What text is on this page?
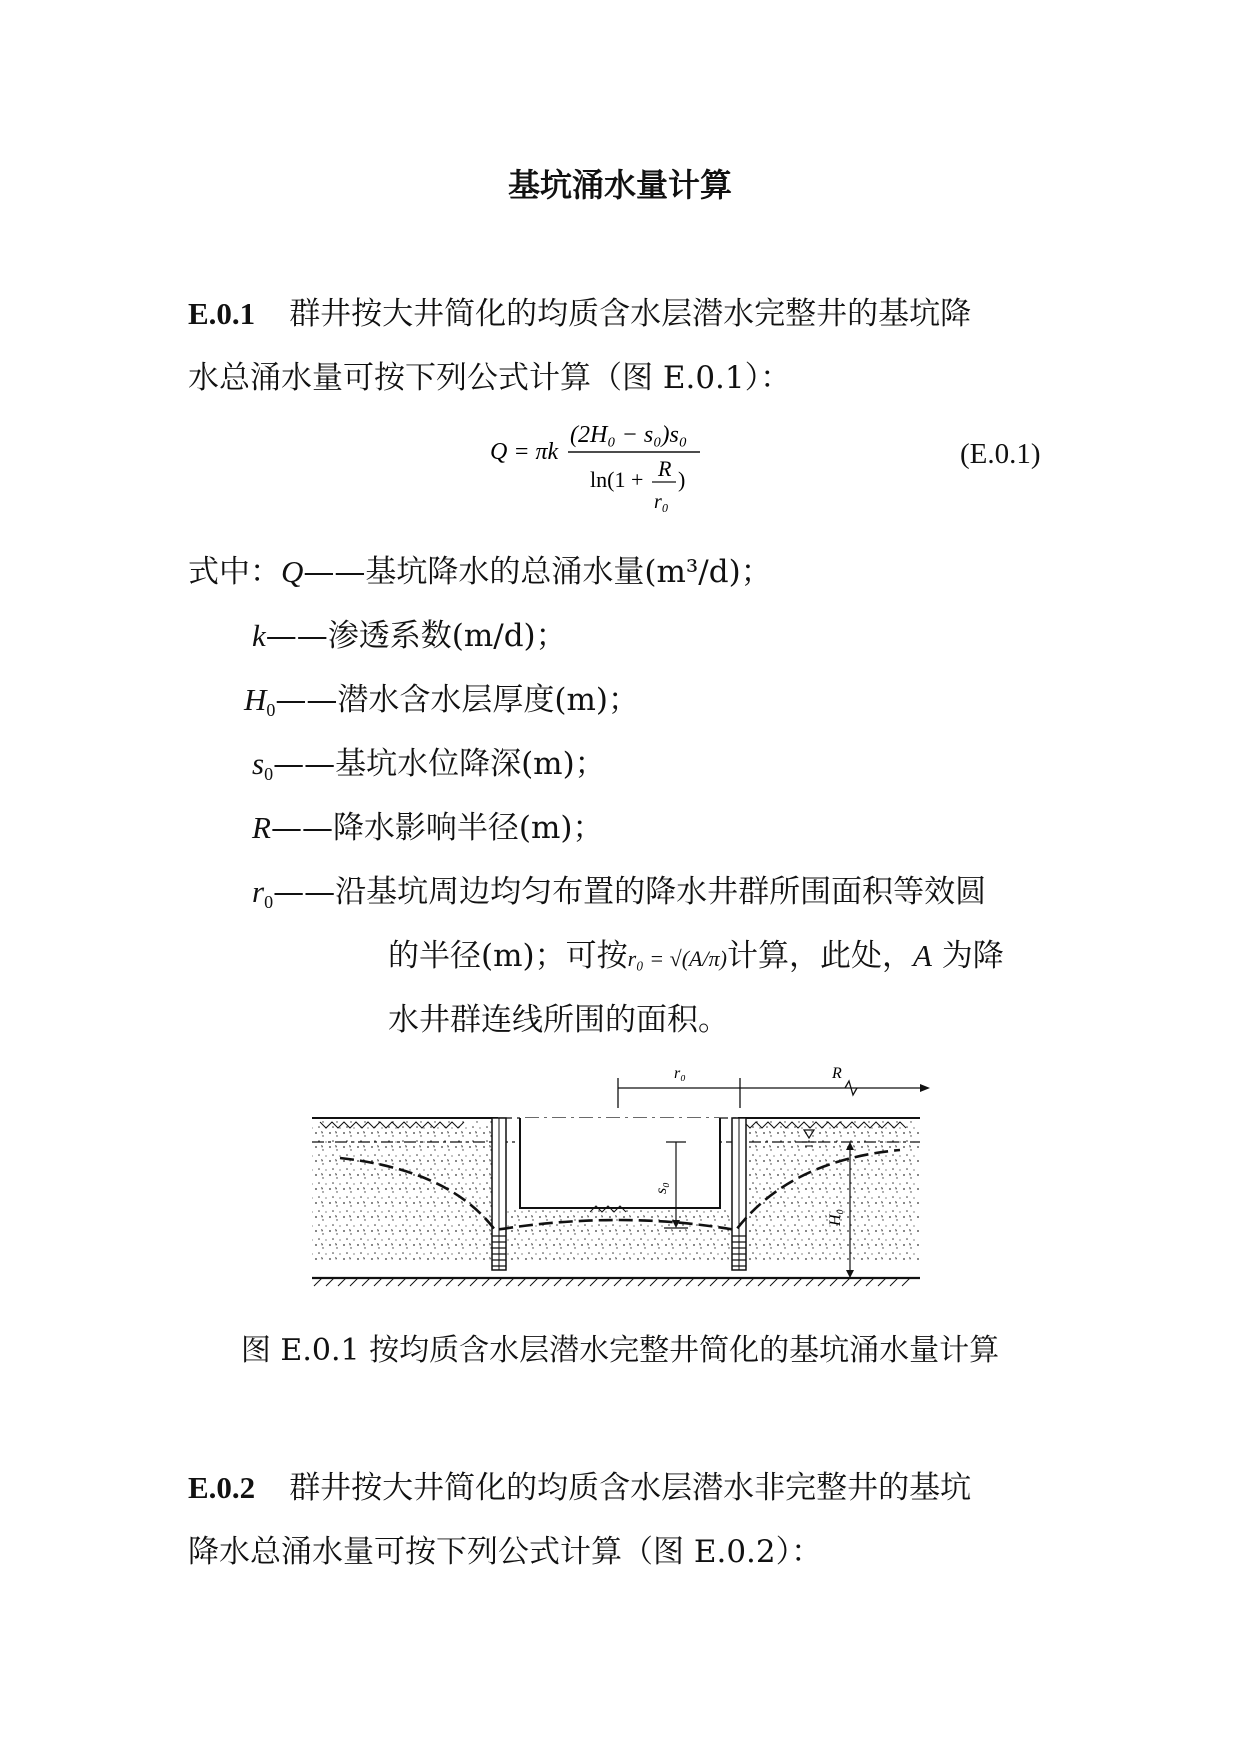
基坑涌水量计算
E.0.1 群井按大井简化的均质含水层潜水完整井的基坑降
水总涌水量可按下列公式计算（图 E.0.1）：
Q = πk
(2H₀ − s₀)s₀
ln(1 + R
r₀
)
(E.0.1)
式中：Q——基坑降水的总涌水量(m³/d)；
k——渗透系数(m/d)；
$H_0——$潜水含水层厚度(m)；
$s_0——$基坑水位降深(m)；
R——降水影响半径(m)；
$r_0——$沿基坑周边均匀布置的降水井群所围面积等效圆
的半径(m)；可按r₀ = √(A/π)计算，此处，A 为降
水井群连线所围的面积。
r₀	R
s₀
H₀
图 E.0.1 按均质含水层潜水完整井简化的基坑涌水量计算
E.0.2 群井按大井简化的均质含水层潜水非完整井的基坑
降水总涌水量可按下列公式计算（图 E.0.2）：
